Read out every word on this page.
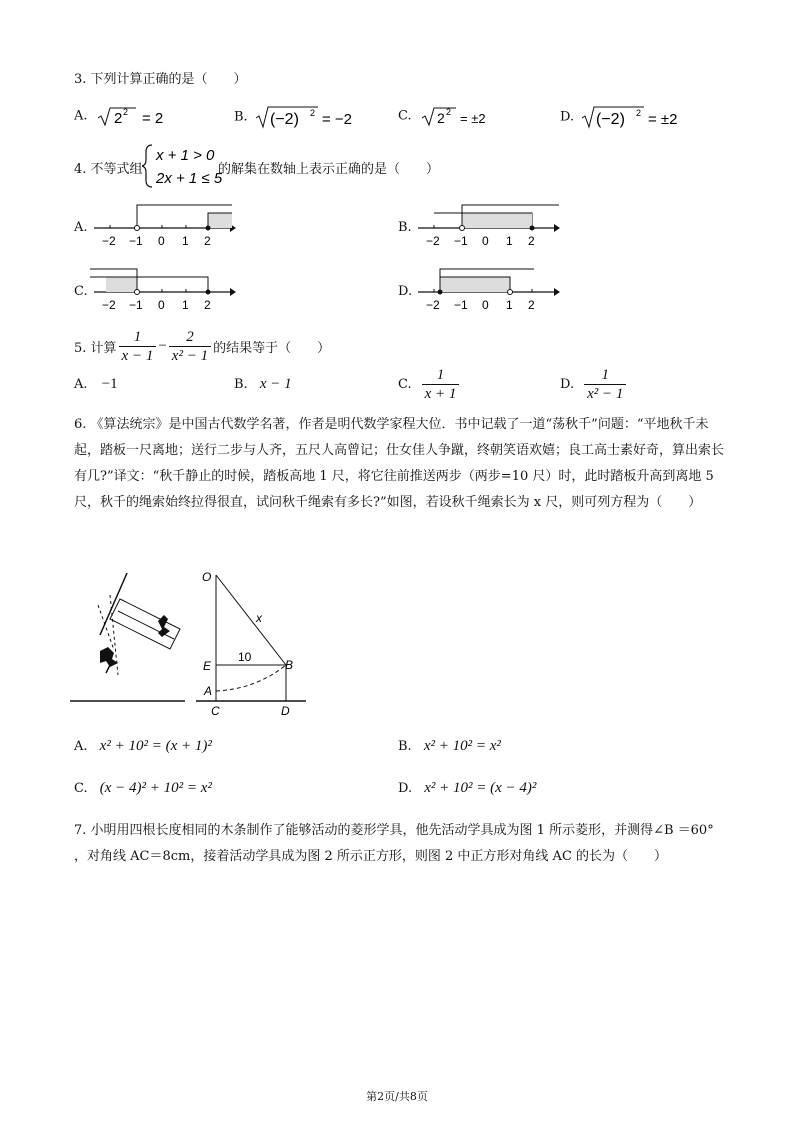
3. 下列计算正确的是（　　）
A. 2 2 = 2	B. (−2) 2 = −2	C. 2 2 = ±2	D. (−2) 2 = ±2
4. 不等式组
x + 1 > 0
2x + 1 ≤ 5
的解集在数轴上表示正确的是（　　）
A.
−2 −1 0 1 2
B.
−2 −1 0 1 2
C.
−2 −1 0 1 2
D.
−2 −1 0 1 2
5. 计算 $\frac{1}{x - 1} - \frac{2}{\text{x² − 1}}$ 的结果等于（　　）
A. −1	B. x − 1	C. $\frac{1}{x + 1}$	D. $\frac{1}{\text{x² − 1}}$
6. 《算法统宗》是中国古代数学名著，作者是明代数学家程大位．书中记载了一道“荡秋千”问题：“平地秋千未起，踏板一尺离地；送行二步与人齐，五尺人高曾记；仕女佳人争蹴，终朝笑语欢嬉；良工高士素好奇，算出索长有几?”译文：“秋千静止的时候，踏板高地 1 尺，将它往前推送两步（两步=10 尺）时，此时踏板升高到离地 5 尺，秋千的绳索始终拉得很直，试问秋千绳索有多长?”如图，若设秋千绳索长为 x 尺，则可列方程为（　　）
O
x
E
10
B
A
C	D
A. x² + 10² = (x + 1)²	B. x² + 10² = x²
C. (x − 4)² + 10² = x²	D. x² + 10² = (x − 4)²
7. 小明用四根长度相同的木条制作了能够活动的菱形学具，他先活动学具成为图 1 所示菱形，并测得∠B ＝60° ，对角线 AC＝8cm，接着活动学具成为图 2 所示正方形，则图 2 中正方形对角线 AC 的长为（　　）
第2页/共8页
